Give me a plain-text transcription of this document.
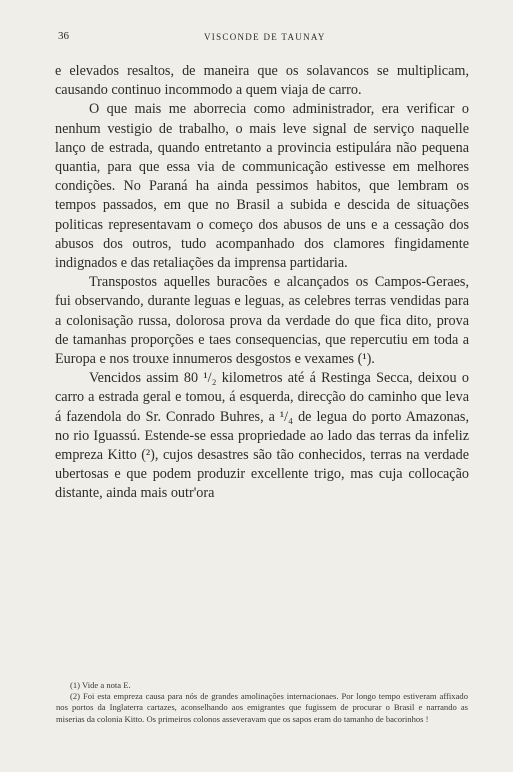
36	VISCONDE DE TAUNAY

e elevados resaltos, de maneira que os solavancos se multiplicam, causando continuo incommodo a quem viaja de carro.

O que mais me aborrecia como administrador, era verificar o nenhum vestigio de trabalho, o mais leve signal de serviço naquelle lanço de estrada, quando entretanto a provincia estipulára não pequena quantia, para que essa via de communicação estivesse em melhores condições. No Paraná ha ainda pessimos habitos, que lembram os tempos passados, em que no Brasil a subida e descida de situações politicas representavam o começo dos abusos de uns e a cessação dos abusos dos outros, tudo acompanhado dos clamores fingidamente indignados e das retaliações da imprensa partidaria.

Transpostos aquelles buracões e alcançados os Campos-Geraes, fui observando, durante leguas e leguas, as celebres terras vendidas para a colonisação russa, dolorosa prova da verdade do que fica dito, prova de tamanhas proporções e taes consequencias, que repercutiu em toda a Europa e nos trouxe innumeros desgostos e vexames (¹).

Vencidos assim 80 ¹/₂ kilometros até á Restinga Secca, deixou o carro a estrada geral e tomou, á esquerda, direcção do caminho que leva á fazendola do Sr. Conrado Buhres, a ¹/₄ de legua do porto Amazonas, no rio Iguassú. Estende-se essa propriedade ao lado das terras da infeliz empreza Kitto (²), cujos desastres são tão conhecidos, terras na verdade ubertosas e que podem produzir excellente trigo, mas cuja collocação distante, ainda mais outr'ora

(1) Vide a nota E.

(2) Foi esta empreza causa para nós de grandes amolinações internacionaes. Por longo tempo estiveram affixado nos portos da Inglaterra cartazes, aconselhando aos emigrantes que fugissem de procurar o Brasil e narrando as miserias da colonia Kitto. Os primeiros colonos asseveravam que os sapos eram do tamanho de bacorinhos !
